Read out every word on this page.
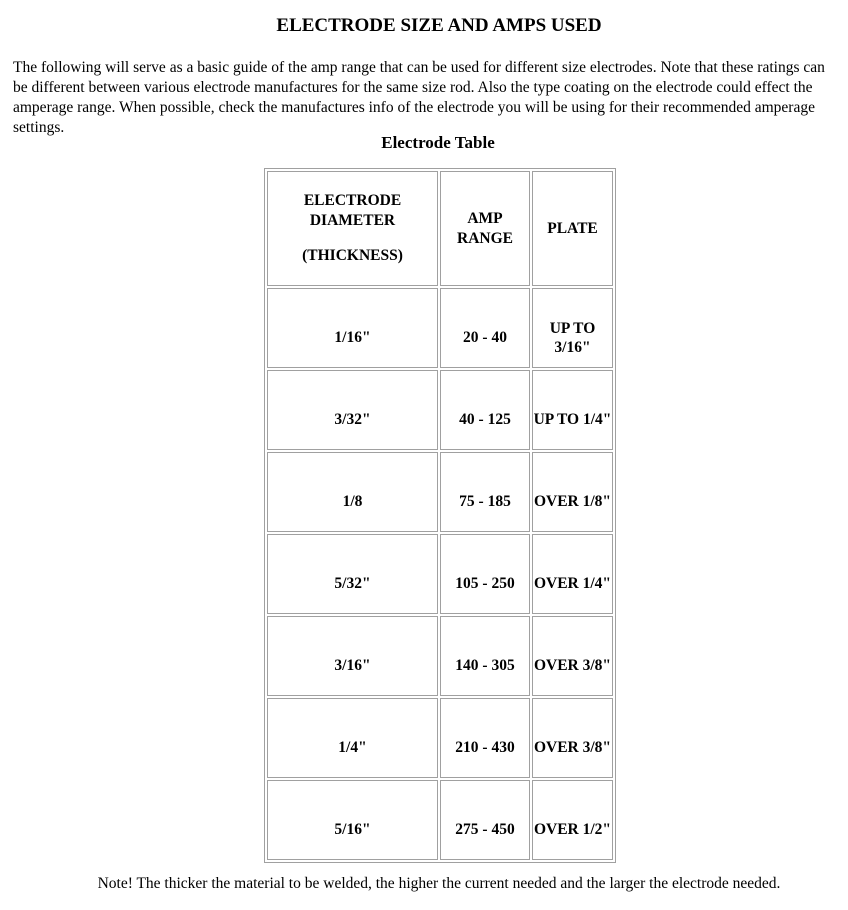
ELECTRODE SIZE AND AMPS USED

The following will serve as a basic guide of the amp range that can be used for different size electrodes. Note that these ratings can be different between various electrode manufactures for the same size rod. Also the type coating on the electrode could effect the amperage range. When possible, check the manufactures info of the electrode you will be using for their recommended amperage settings.

Electrode Table
ELECTRODE DIAMETER
(THICKNESS)	AMP RANGE	PLATE

1/16"	20 - 40	UP TO 3/16"

3/32"	40 - 125	UP TO 1/4"

1/8	75 - 185	OVER 1/8"

5/32"	105 - 250	OVER 1/4"

3/16"	140 - 305	OVER 3/8"

1/4"	210 - 430	OVER 3/8"

5/16"	275 - 450	OVER 1/2"

Note! The thicker the material to be welded, the higher the current needed and the larger the electrode needed.
